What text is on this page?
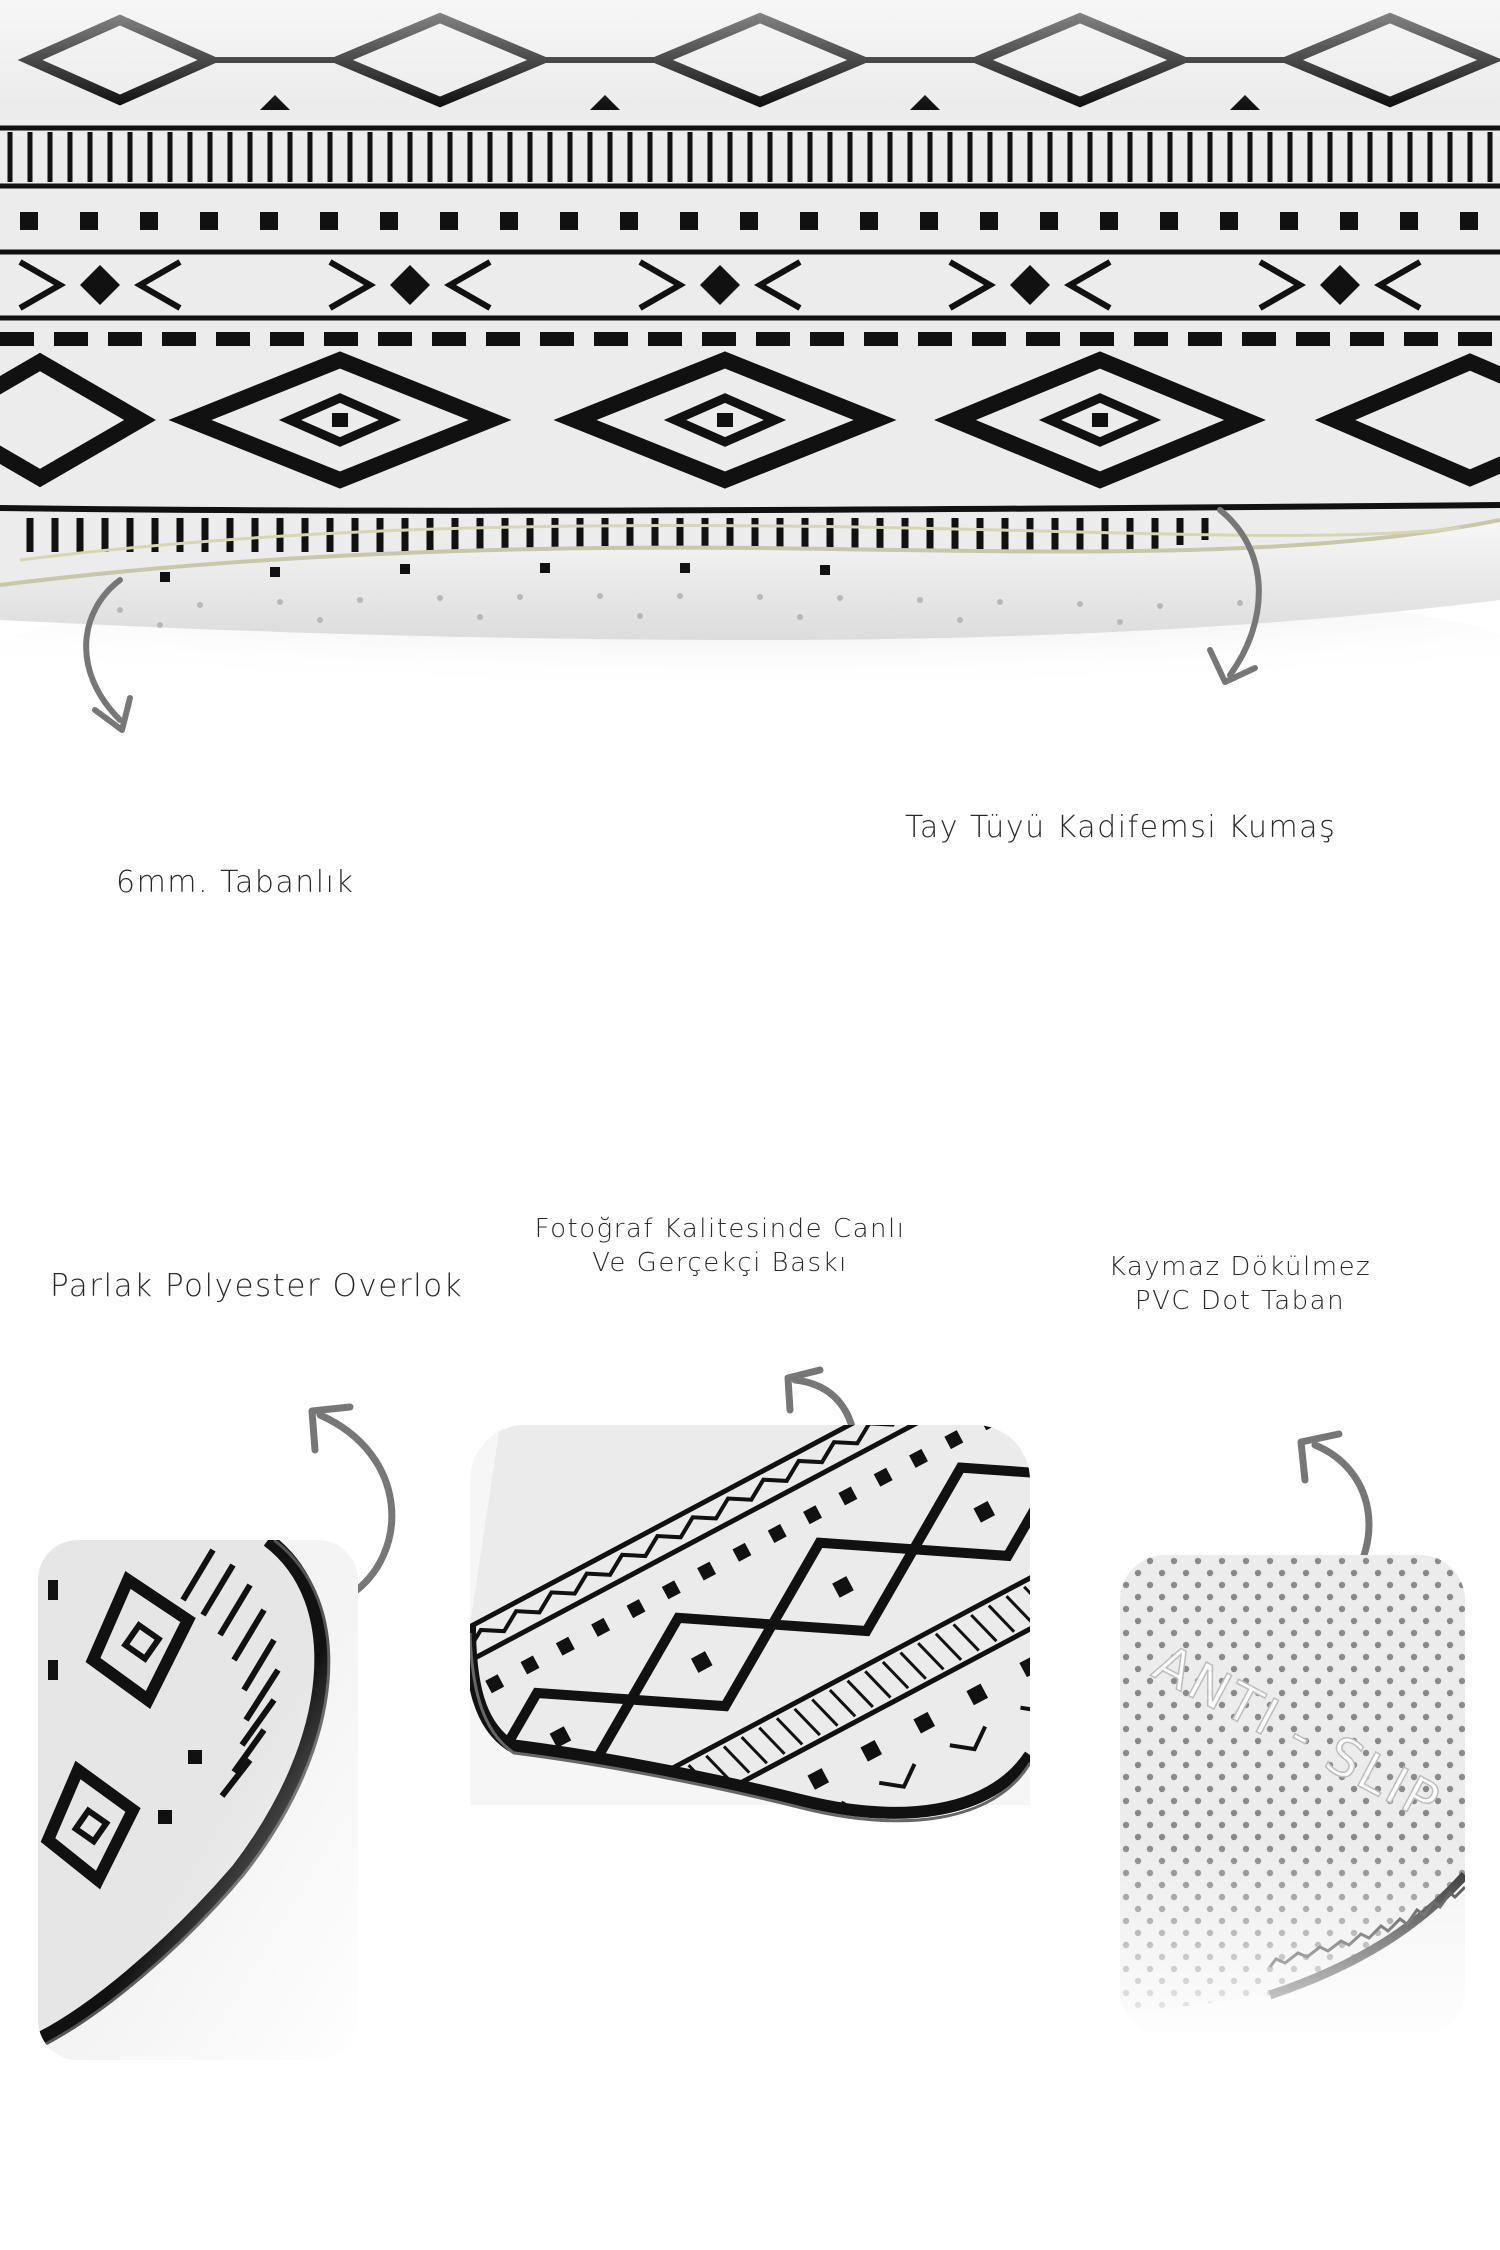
6mm. Tabanlık
Tay Tüyü Kadifemsi Kumaş
Parlak Polyester Overlok
Fotoğraf Kalitesinde Canlı
Ve Gerçekçi Baskı	Kaymaz Dökülmez
PVC Dot Taban
